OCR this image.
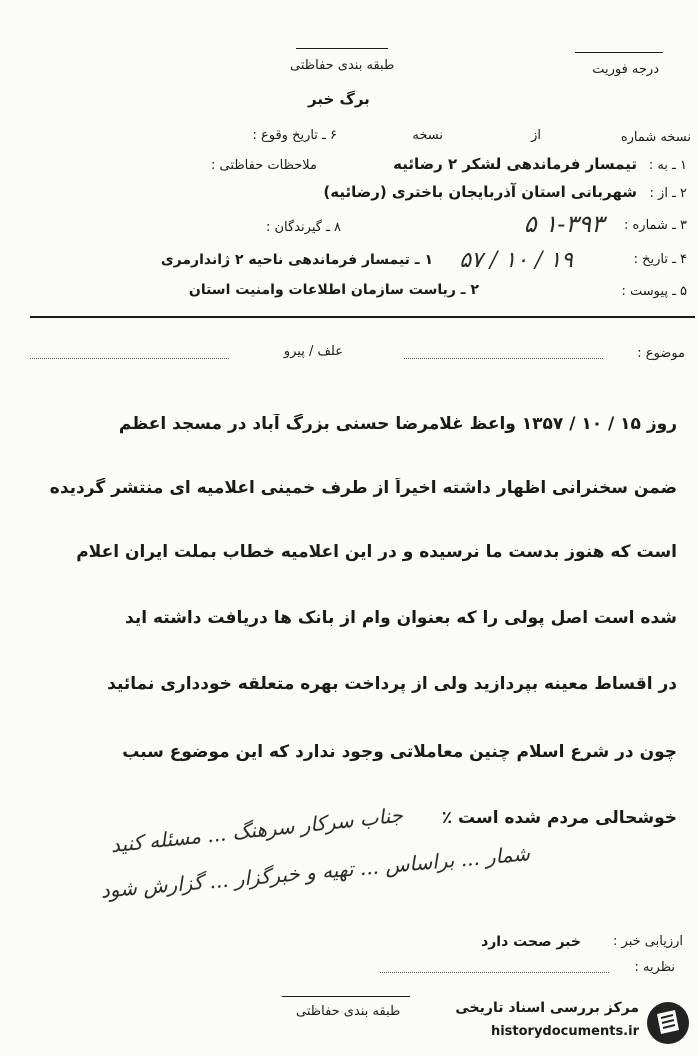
طبقه بندی حفاظتی	درجه فوریت
برگ خبر
نسخه شماره
از
نسخه
۶ ـ تاریخ وقوع :
۱ ـ به :
تیمسار فرماندهی لشکر ۲ رضائیه
ملاحظات حفاظتی :
۲ ـ از :
شهربانی استان آذربایجان باختری (رضائیه)
۳ ـ شماره :
۱-۳۹۳ ۵
۸ ـ گیرندگان :
۴ ـ تاریخ :
۱۹ / ۱۰ / ۵۷
۱ ـ تیمسار فرماندهی ناحیه ۲ ژاندارمری
۵ ـ پیوست :
۲ ـ ریاست سازمان اطلاعات وامنیت استان
موضوع :
علف / پیرو
روز ۱۵ / ۱۰ / ۱۳۵۷ واعظ غلامرضا حسنی بزرگ آباد در مسجد اعظم
ضمن سخنرانی اظهار داشته اخیراً از طرف خمینی اعلامیه ای منتشر گردیده
است که هنوز بدست ما نرسیده و در این اعلامیه خطاب بملت ایران اعلام
شده است اصل پولی را که بعنوان وام از بانک ها دریافت داشته اید
در اقساط معینه بپردازید ولی از پرداخت بهره متعلقه خودداری نمائید
چون در شرع اسلام چنین معاملاتی وجود ندارد که این موضوع سبب
خوشحالی مردم شده است ٪
جناب سرکار سرهنگ ... مسئله کنید
شمار ... براساس ... تهیه و خبرگزار ... گزارش شود
ارزیابی خبر :
خبر صحت دارد
نظریه :
طبقه بندی حفاظتی	مرکز بررسی اسناد تاریخی
historydocuments.ir
